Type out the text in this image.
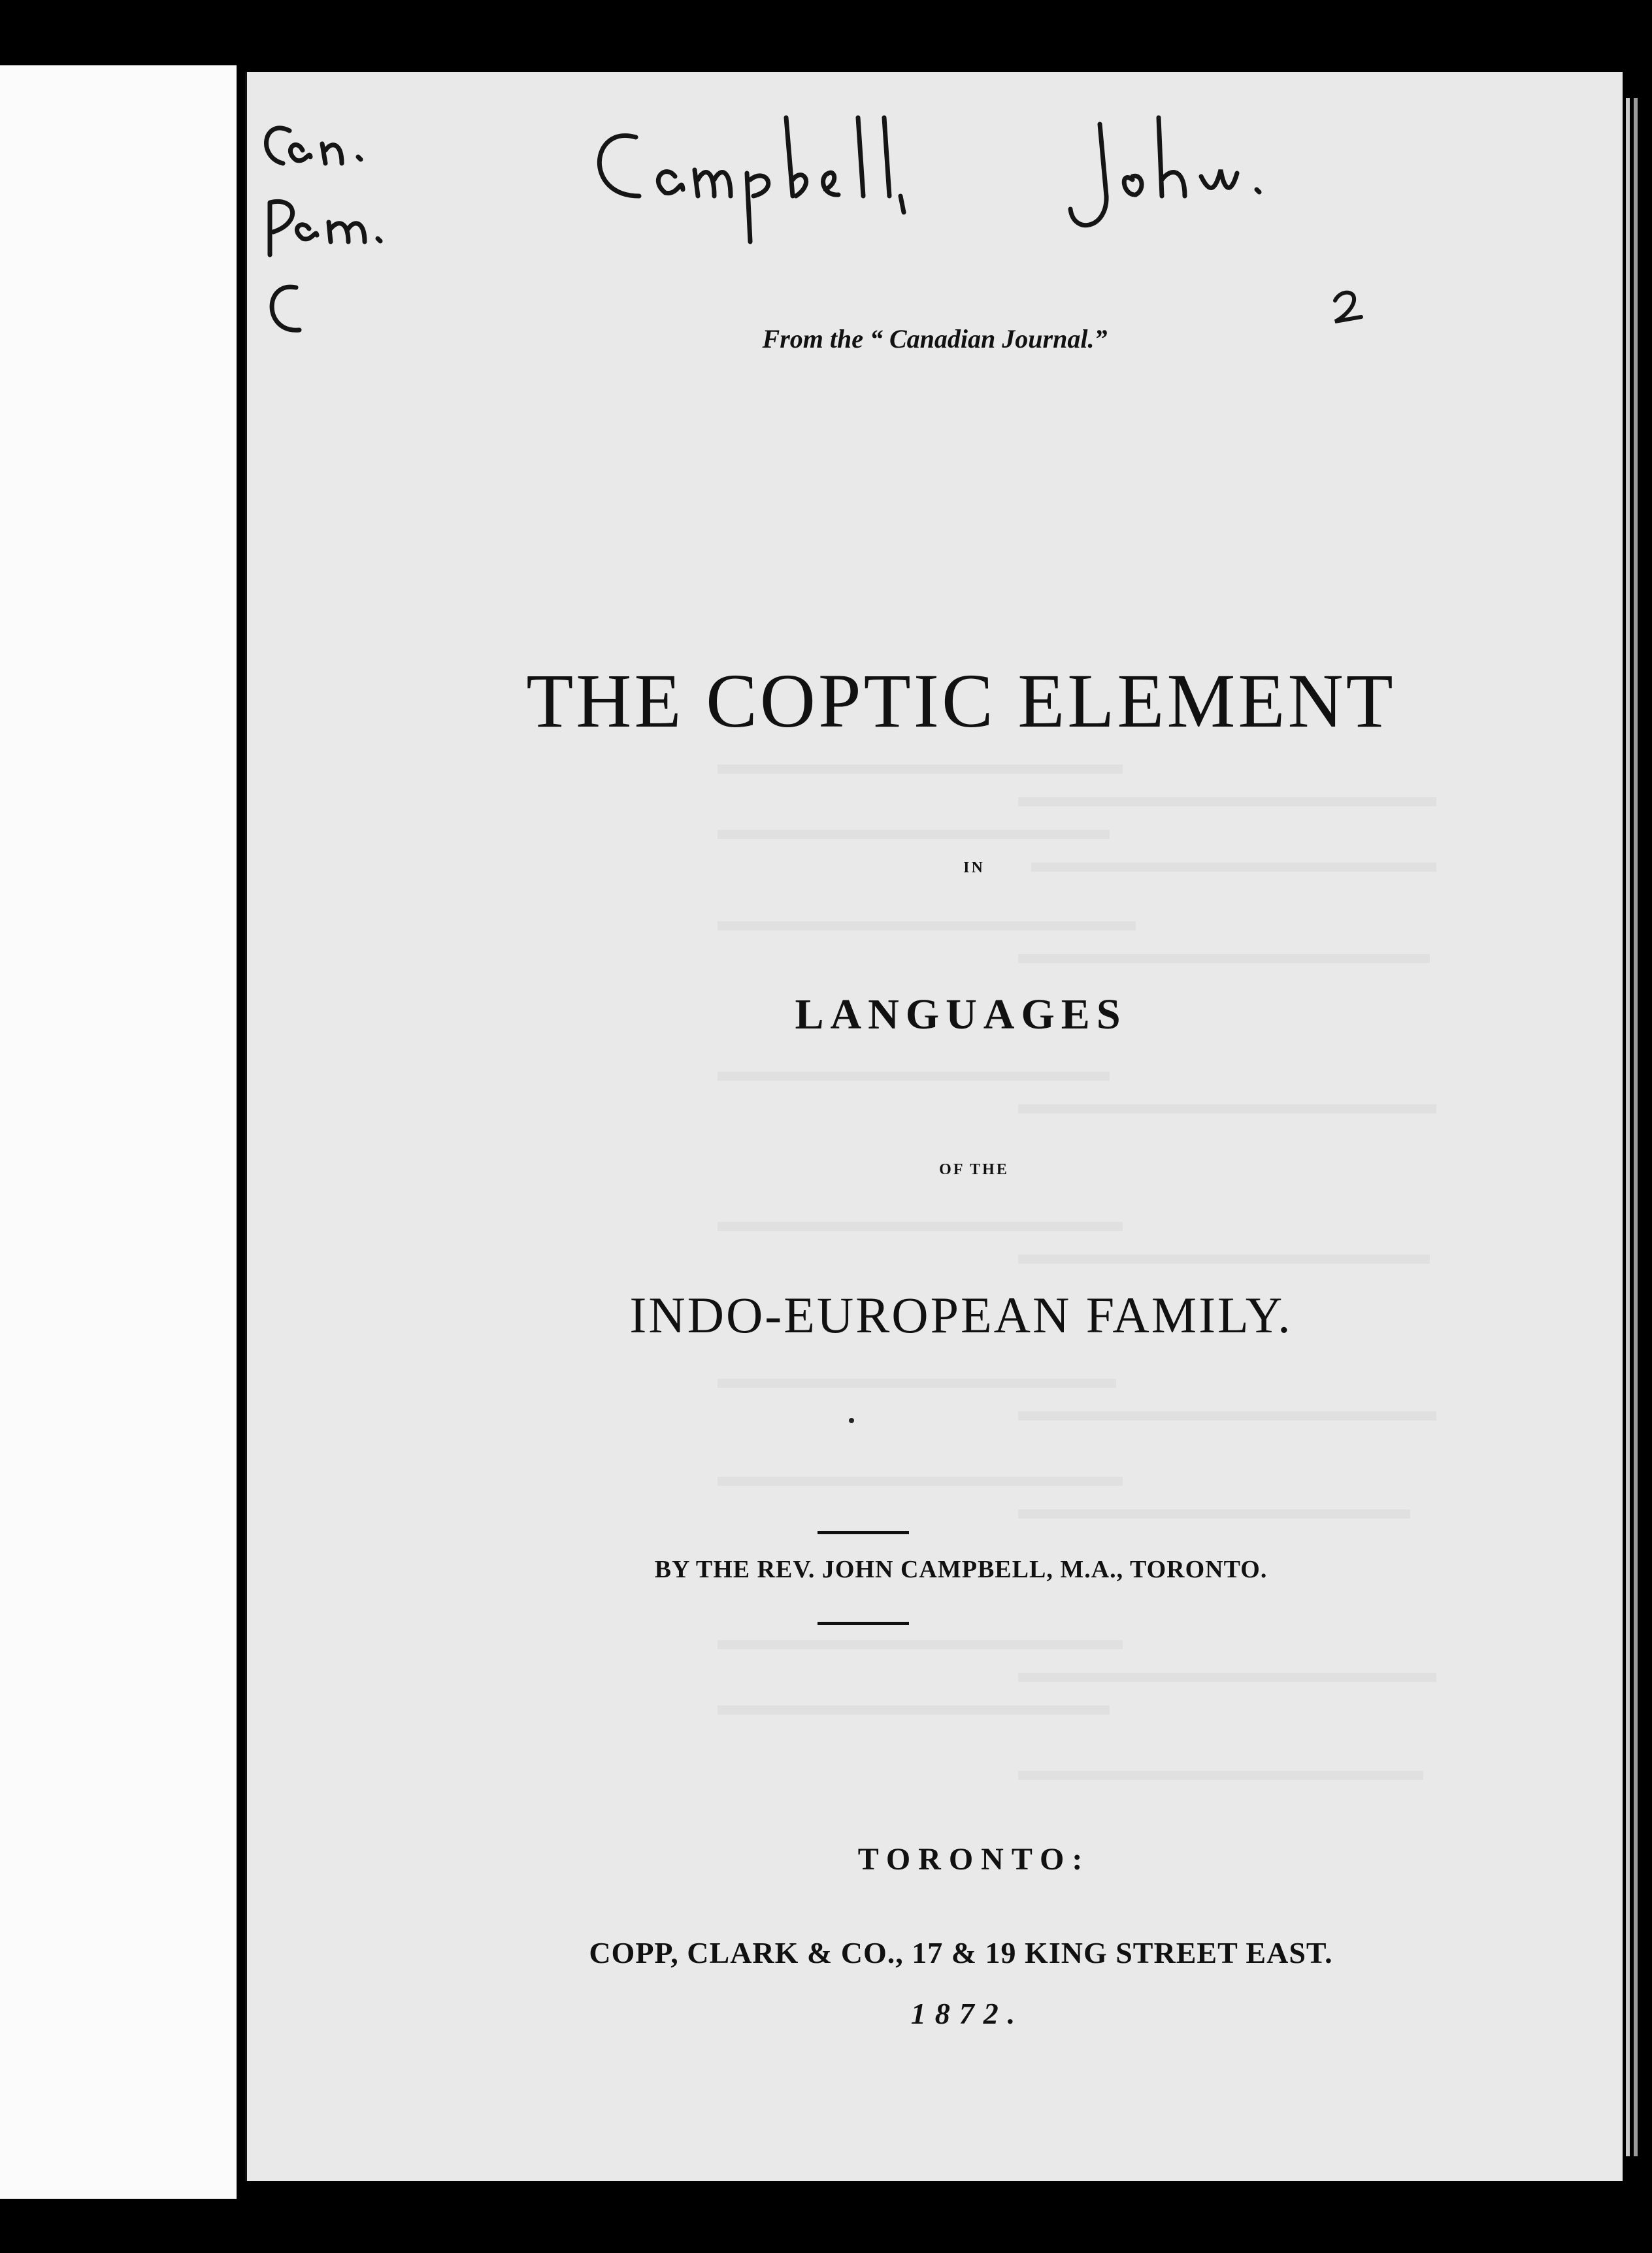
From the “ Canadian Journal.”
THE COPTIC ELEMENT
IN
LANGUAGES
OF THE
INDO-EUROPEAN FAMILY.
BY THE REV. JOHN CAMPBELL, M.A., TORONTO.
TORONTO:
COPP, CLARK & CO., 17 & 19 KING STREET EAST.
1872.
